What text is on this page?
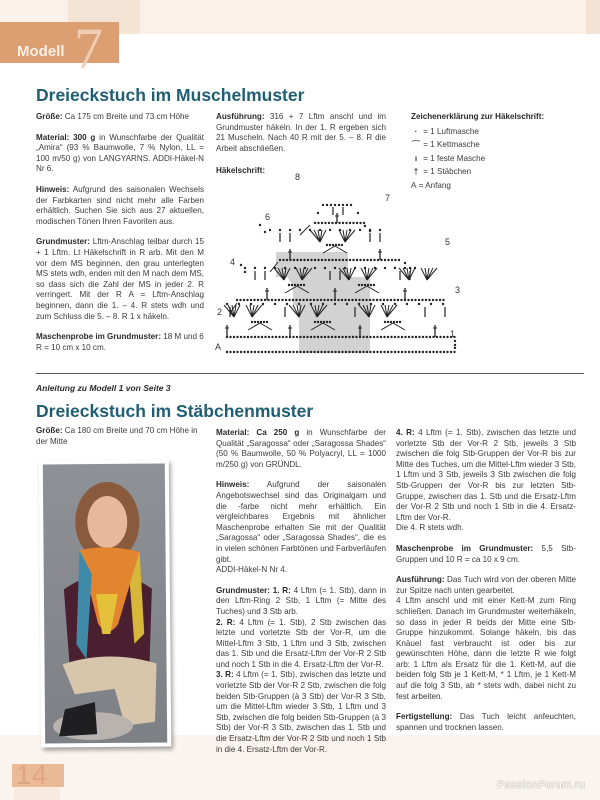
7
Modell
Dreieckstuch im Muschelmuster

Größe: Ca 175 cm Breite und 73 cm Höhe

Material: 300 g in Wunschfarbe der Qualität „Amira“ (93 % Baumwolle, 7 % Nylon, LL = 100 m/50 g) von LANGYARNS. ADDI-Häkel-N Nr 6.

Hinweis: Aufgrund des saisonalen Wechsels der Farbkarten sind nicht mehr alle Farben erhältlich. Suchen Sie sich aus 27 aktuellen, modischen Tönen Ihren Favoriten aus.

Grundmuster: Lftm-Anschlag teilbar durch 15 + 1 Lftm. Lt Häkelschrift in R arb. Mit den M vor dem MS beginnen, den grau unterlegten MS stets wdh, enden mit den M nach dem MS, so dass sich die Zahl der MS in jeder 2. R verringert. Mit der R A = Lftm-Anschlag beginnen, dann die 1. – 4. R stets wdh und zum Schluss die 5. – 8. R 1 x häkeln.

Maschenprobe im Grundmuster: 18 M und 6 R = 10 cm x 10 cm.

Ausführung: 316 + 7 Lftm anschl und im Grundmuster häkeln. In der 1. R ergeben sich 21 Muscheln. Nach 40 R mit der 5. – 8. R die Arbeit abschließen.

Häkelschrift:
Zeichenerklärung zur Häkelschrift:
·
= 1 Luftmasche
⌒
= 1 Kettmasche
ı
= 1 feste Masche
†
= 1 Stäbchen
A
= Anfang
A
1
2
3
4
5
6
7
8
Anleitung zu Modell 1 von Seite 3
Dreieckstuch im Stäbchenmuster

Größe: Ca 180 cm Breite und 70 cm Höhe in der Mitte

Material: Ca 250 g in Wunschfarbe der Qualität „Saragossa“ oder „Saragossa Shades“ (50 % Baumwolle, 50 % Polyacryl, LL = 1000 m/250 g) von GRÜNDL.

Hinweis: Aufgrund der saisonalen Angebotswechsel sind das Originalgarn und die -farbe nicht mehr erhältlich. Ein vergleichbares Ergebnis mit ähnlicher Maschenprobe erhalten Sie mit der Qualität „Saragossa“ oder „Saragossa Shades“, die es in vielen schönen Farbtönen und Farbverläufen gibt.
ADDI-Häkel-N Nr 4.

Grundmuster: 1. R: 4 Lftm (= 1. Stb), dann in den Lftm-Ring 2 Stb, 1 Lftm (= Mitte des Tuches) und 3 Stb arb.

2. R: 4 Lftm (= 1. Stb), 2 Stb zwischen das letzte und vorletzte Stb der Vor-R, um die Mittel-Lftm 3 Stb, 1 Lftm und 3 Stb, zwischen das 1. Stb und die Ersatz-Lftm der Vor-R 2 Stb und noch 1 Stb in die 4. Ersatz-Lftm der Vor-R.

3. R: 4 Lftm (= 1. Stb), zwischen das letzte und vorletzte Stb der Vor-R 2 Stb, zwischen die folg beiden Stb-Gruppen (à 3 Stb) der Vor-R 3 Stb, um die Mittel-Lftm wieder 3 Stb, 1 Lftm und 3 Stb, zwischen die folg beiden Stb-Gruppen (à 3 Stb) der Vor-R 3 Stb, zwischen das 1. Stb und die Ersatz-Lftm der Vor-R 2 Stb und noch 1 Stb in die 4. Ersatz-Lftm der Vor-R.

4. R: 4 Lftm (= 1. Stb), zwischen das letzte und vorletzte Stb der Vor-R 2 Stb, jeweils 3 Stb zwischen die folg Stb-Gruppen der Vor-R bis zur Mitte des Tuches, um die Mittel-Lftm wieder 3 Stb, 1 Lftm und 3 Stb, jeweils 3 Stb zwischen die folg Stb-Gruppen der Vor-R bis zur letzten Stb-Gruppe, zwischen das 1. Stb und die Ersatz-Lftm der Vor-R 2 Stb und noch 1 Stb in die 4. Ersatz-Lftm der Vor-R.
Die 4. R stets wdh.

Maschenprobe im Grundmuster: 5,5 Stb-Gruppen und 10 R = ca 10 x 9 cm.

Ausführung: Das Tuch wird von der oberen Mitte zur Spitze nach unten gearbeitet.
4 Lftm anschl und mit einer Kett-M zum Ring schließen. Danach im Grundmuster weiterhäkeln, so dass in jeder R beids der Mitte eine Stb-Gruppe hinzukommt. Solange häkeln, bis das Knäuel fast verbraucht ist oder bis zur gewünschten Höhe, dann die letzte R wie folgt arb: 1 Lftm als Ersatz für die 1. Kett-M, auf die beiden folg Stb je 1 Kett-M, * 1 Lftm, je 1 Kett-M auf die folg 3 Stb, ab * stets wdh, dabei nicht zu fest arbeiten.

Fertigstellung: Das Tuch leicht anfeuchten, spannen und trocknen lassen.

14	PassionForum.ru
